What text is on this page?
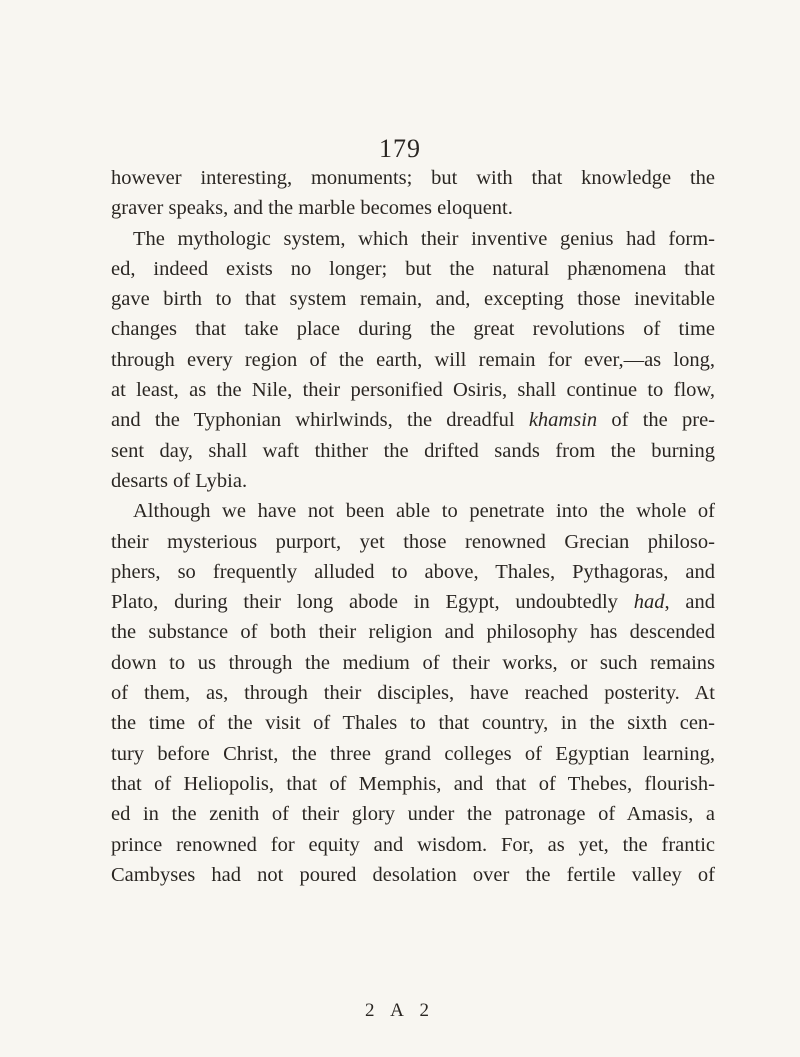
179
however interesting, monuments; but with that knowledge the
graver speaks, and the marble becomes eloquent.
The mythologic system, which their inventive genius had form-
ed, indeed exists no longer; but the natural phænomena that
gave birth to that system remain, and, excepting those inevitable
changes that take place during the great revolutions of time
through every region of the earth, will remain for ever,—as long,
at least, as the Nile, their personified Osiris, shall continue to flow,
and the Typhonian whirlwinds, the dreadful khamsin of the pre-
sent day, shall waft thither the drifted sands from the burning
desarts of Lybia.
Although we have not been able to penetrate into the whole of
their mysterious purport, yet those renowned Grecian philoso-
phers, so frequently alluded to above, Thales, Pythagoras, and
Plato, during their long abode in Egypt, undoubtedly had, and
the substance of both their religion and philosophy has descended
down to us through the medium of their works, or such remains
of them, as, through their disciples, have reached posterity. At
the time of the visit of Thales to that country, in the sixth cen-
tury before Christ, the three grand colleges of Egyptian learning,
that of Heliopolis, that of Memphis, and that of Thebes, flourish-
ed in the zenith of their glory under the patronage of Amasis, a
prince renowned for equity and wisdom. For, as yet, the frantic
Cambyses had not poured desolation over the fertile valley of
2 A 2
